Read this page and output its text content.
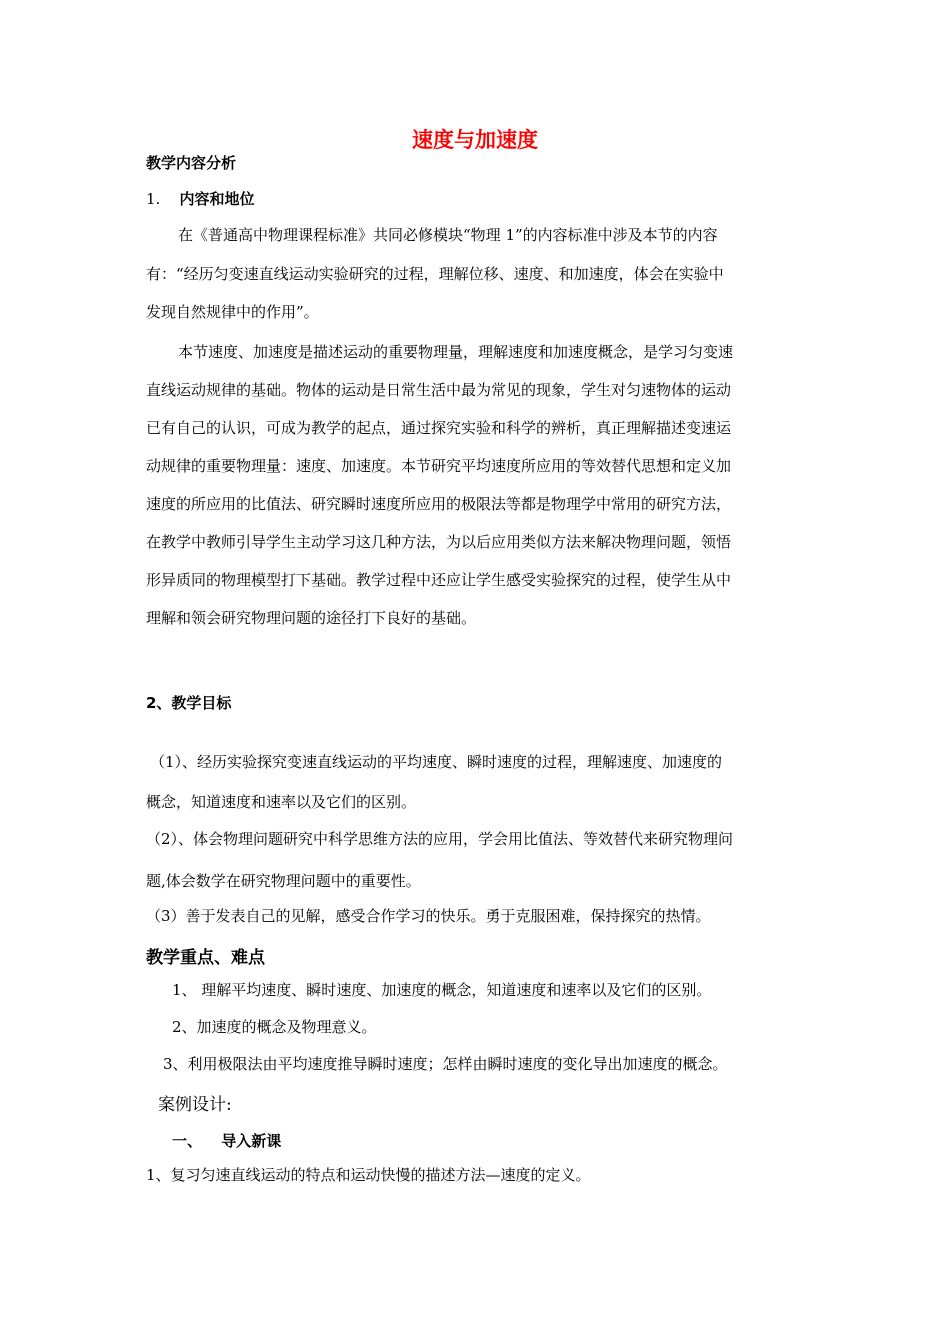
速度与加速度
教学内容分析
1. 内容和地位
在《普通高中物理课程标准》共同必修模块“物理 1”的内容标准中涉及本节的内容
有：“经历匀变速直线运动实验研究的过程，理解位移、速度、和加速度，体会在实验中
发现自然规律中的作用”。
本节速度、加速度是描述运动的重要物理量，理解速度和加速度概念，是学习匀变速
直线运动规律的基础。物体的运动是日常生活中最为常见的现象，学生对匀速物体的运动
已有自己的认识，可成为教学的起点，通过探究实验和科学的辨析，真正理解描述变速运
动规律的重要物理量：速度、加速度。本节研究平均速度所应用的等效替代思想和定义加
速度的所应用的比值法、研究瞬时速度所应用的极限法等都是物理学中常用的研究方法，
在教学中教师引导学生主动学习这几种方法，为以后应用类似方法来解决物理问题，领悟
形异质同的物理模型打下基础。教学过程中还应让学生感受实验探究的过程，使学生从中
理解和领会研究物理问题的途径打下良好的基础。
2、教学目标
（1）、经历实验探究变速直线运动的平均速度、瞬时速度的过程，理解速度、加速度的
概念，知道速度和速率以及它们的区别。
（2）、体会物理问题研究中科学思维方法的应用，学会用比值法、等效替代来研究物理问
题,体会数学在研究物理问题中的重要性。
（3）善于发表自己的见解，感受合作学习的快乐。勇于克服困难，保持探究的热情。
教学重点、难点
1、 理解平均速度、瞬时速度、加速度的概念，知道速度和速率以及它们的区别。
2、加速度的概念及物理意义。
3、利用极限法由平均速度推导瞬时速度；怎样由瞬时速度的变化导出加速度的概念。
案例设计:
一、 导入新课
1、复习匀速直线运动的特点和运动快慢的描述方法—速度的定义。
